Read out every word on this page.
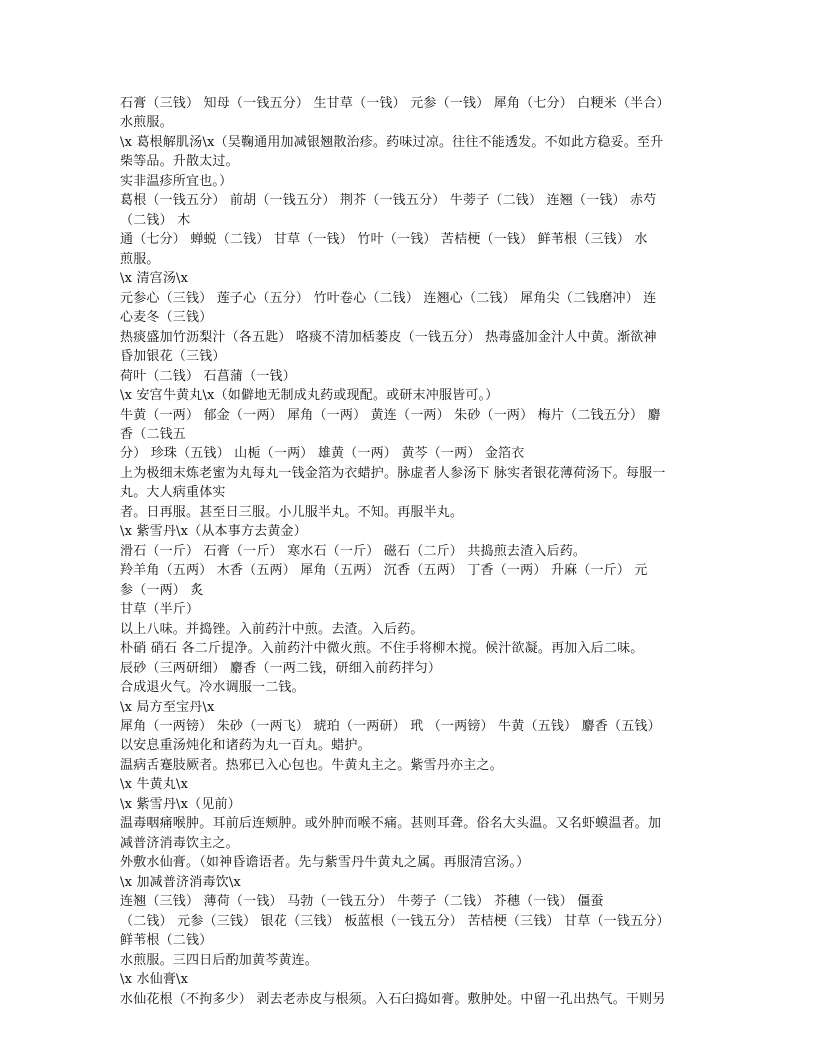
石膏（三钱） 知母（一钱五分） 生甘草（一钱） 元参（一钱） 犀角（七分） 白粳米（半合）
水煎服。
\x 葛根解肌汤\x（吴鞠通用加减银翘散治疹。药味过凉。往往不能透发。不如此方稳妥。至升
柴等品。升散太过。
实非温疹所宜也。）
葛根（一钱五分） 前胡（一钱五分） 荆芥（一钱五分） 牛蒡子（二钱） 连翘（一钱） 赤芍
（二钱） 木
通（七分） 蝉蜕（二钱） 甘草（一钱） 竹叶（一钱） 苦桔梗（一钱） 鲜苇根（三钱） 水
煎服。
\x 清宫汤\x
元参心（三钱） 莲子心（五分） 竹叶卷心（二钱） 连翘心（二钱） 犀角尖（二钱磨冲） 连
心麦冬（三钱）
热痰盛加竹沥梨汁（各五匙） 咯痰不清加栝蒌皮（一钱五分） 热毒盛加金汁人中黄。渐欲神
昏加银花（三钱）
荷叶（二钱） 石菖蒲（一钱）
\x 安宫牛黄丸\x（如僻地无制成丸药或现配。或研末冲服皆可。）
牛黄（一两） 郁金（一两） 犀角（一两） 黄连（一两） 朱砂（一两） 梅片（二钱五分） 麝
香（二钱五
分） 珍珠（五钱） 山栀（一两） 雄黄（一两） 黄芩（一两） 金箔衣
上为极细末炼老蜜为丸每丸一钱金箔为衣蜡护。脉虚者人参汤下 脉实者银花薄荷汤下。每服一
丸。大人病重体实
者。日再服。甚至日三服。小儿服半丸。不知。再服半丸。
\x 紫雪丹\x（从本事方去黄金）
滑石（一斤） 石膏（一斤） 寒水石（一斤） 磁石（二斤） 共捣煎去渣入后药。
羚羊角（五两） 木香（五两） 犀角（五两） 沉香（五两） 丁香（一两） 升麻（一斤） 元
参（一两） 炙
甘草（半斤）
以上八味。并捣锉。入前药汁中煎。去渣。入后药。
朴硝 硝石 各二斤提净。入前药汁中微火煎。不住手将柳木搅。候汁欲凝。再加入后二味。
辰砂（三两研细） 麝香（一两二钱，研细入前药拌匀）
合成退火气。冷水调服一二钱。
\x 局方至宝丹\x
犀角（一两镑） 朱砂（一两飞） 琥珀（一两研） 玳 （一两镑） 牛黄（五钱） 麝香（五钱）
以安息重汤炖化和诸药为丸一百丸。蜡护。
温病舌蹇肢厥者。热邪已入心包也。牛黄丸主之。紫雪丹亦主之。
\x 牛黄丸\x
\x 紫雪丹\x（见前）
温毒咽痛喉肿。耳前后连颊肿。或外肿而喉不痛。甚则耳聋。俗名大头温。又名虾蟆温者。加
减普济消毒饮主之。
外敷水仙膏。（如神昏谵语者。先与紫雪丹牛黄丸之属。再服清宫汤。）
\x 加减普济消毒饮\x
连翘（三钱） 薄荷（一钱） 马勃（一钱五分） 牛蒡子（二钱） 芥穗（一钱） 僵蚕
（二钱） 元参（三钱） 银花（三钱） 板蓝根（一钱五分） 苦桔梗（三钱） 甘草（一钱五分）
鲜苇根（二钱）
水煎服。三四日后酌加黄芩黄连。
\x 水仙膏\x
水仙花根（不拘多少） 剥去老赤皮与根须。入石臼捣如膏。敷肿处。中留一孔出热气。干则另
